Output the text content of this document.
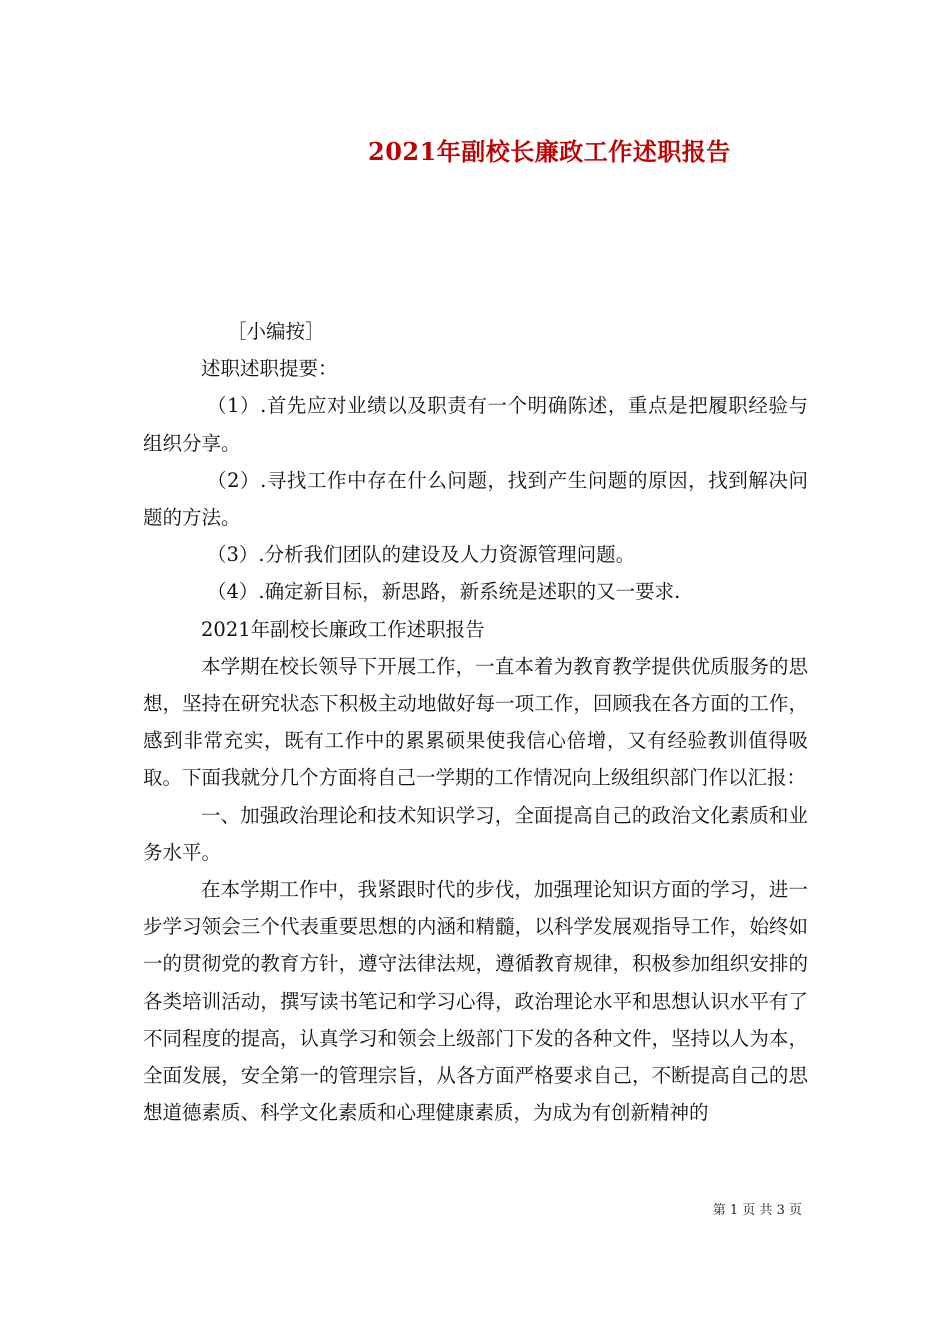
2021年副校长廉政工作述职报告

［小编按］

述职述职提要：

（1）.首先应对业绩以及职责有一个明确陈述，重点是把履职经验与组织分享。

（2）.寻找工作中存在什么问题，找到产生问题的原因，找到解决问题的方法。

（3）.分析我们团队的建设及人力资源管理问题。

（4）.确定新目标，新思路，新系统是述职的又一要求.

2021年副校长廉政工作述职报告

本学期在校长领导下开展工作，一直本着为教育教学提供优质服务的思想，坚持在研究状态下积极主动地做好每一项工作，回顾我在各方面的工作，感到非常充实，既有工作中的累累硕果使我信心倍增，又有经验教训值得吸取。下面我就分几个方面将自己一学期的工作情况向上级组织部门作以汇报：

一、加强政治理论和技术知识学习，全面提高自己的政治文化素质和业务水平。

在本学期工作中，我紧跟时代的步伐，加强理论知识方面的学习，进一步学习领会三个代表重要思想的内涵和精髓，以科学发展观指导工作，始终如一的贯彻党的教育方针，遵守法律法规，遵循教育规律，积极参加组织安排的各类培训活动，撰写读书笔记和学习心得，政治理论水平和思想认识水平有了不同程度的提高，认真学习和领会上级部门下发的各种文件，坚持以人为本，全面发展，安全第一的管理宗旨，从各方面严格要求自己，不断提高自己的思想道德素质、科学文化素质和心理健康素质，为成为有创新精神的

第 1 页 共 3 页
